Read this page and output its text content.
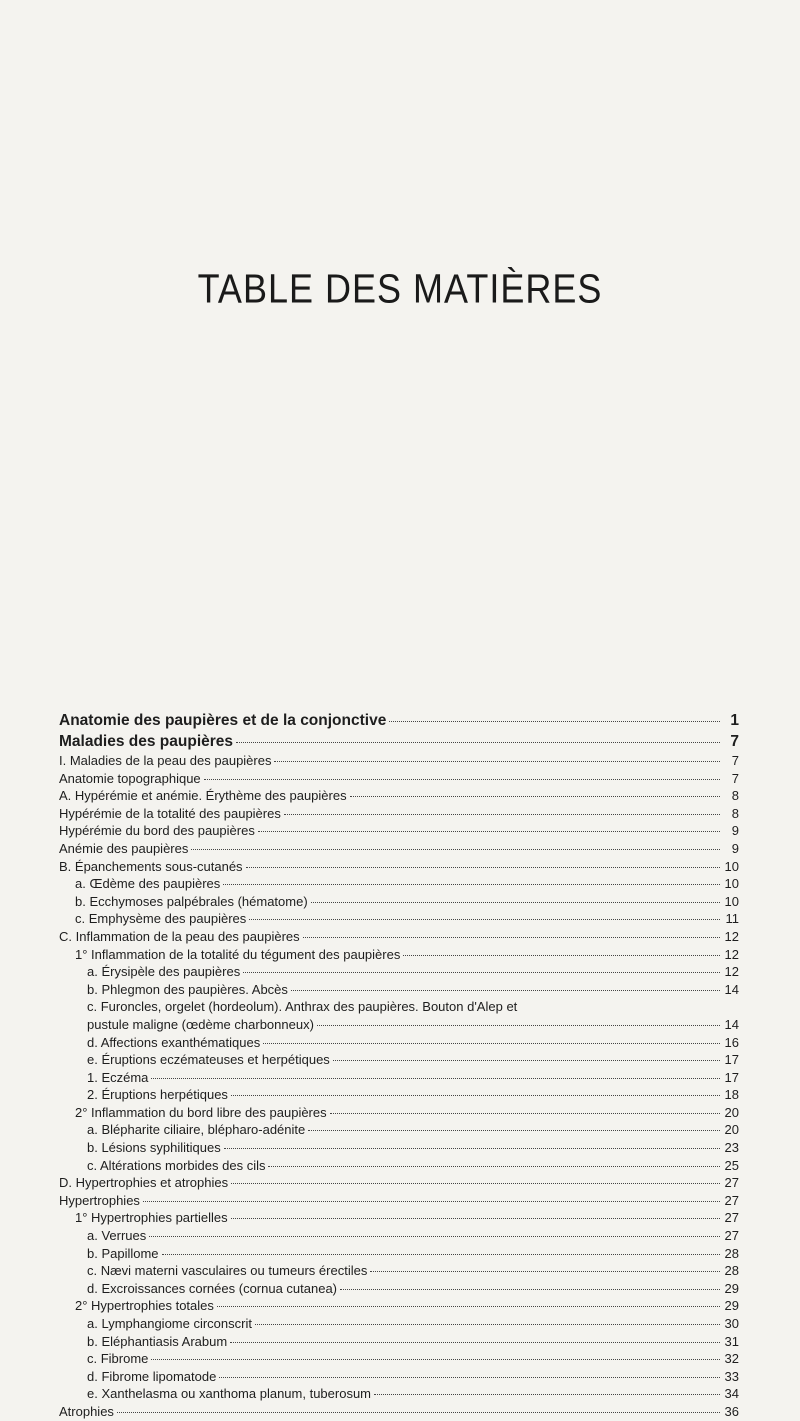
TABLE DES MATIÈRES
Anatomie des paupières et de la conjonctive	1
Maladies des paupières	7
I. Maladies de la peau des paupières	7
Anatomie topographique	7
A. Hypérémie et anémie. Érythème des paupières	8
Hypérémie de la totalité des paupières	8
Hypérémie du bord des paupières	9
Anémie des paupières	9
B. Épanchements sous-cutanés	10
a. Œdème des paupières	10
b. Ecchymoses palpébrales (hématome)	10
c. Emphysème des paupières	11
C. Inflammation de la peau des paupières	12
1° Inflammation de la totalité du tégument des paupières	12
a. Érysipèle des paupières	12
b. Phlegmon des paupières. Abcès	14
c. Furoncles, orgelet (hordeolum). Anthrax des paupières. Bouton d'Alep et
pustule maligne (œdème charbonneux)	14
d. Affections exanthématiques	16
e. Éruptions eczémateuses et herpétiques	17
1. Eczéma	17
2. Éruptions herpétiques	18
2° Inflammation du bord libre des paupières	20
a. Blépharite ciliaire, blépharo-adénite	20
b. Lésions syphilitiques	23
c. Altérations morbides des cils	25
D. Hypertrophies et atrophies	27
Hypertrophies	27
1° Hypertrophies partielles	27
a. Verrues	27
b. Papillome	28
c. Nævi materni vasculaires ou tumeurs érectiles	28
d. Excroissances cornées (cornua cutanea)	29
2° Hypertrophies totales	29
a. Lymphangiome circonscrit	30
b. Eléphantiasis Arabum	31
c. Fibrome	32
d. Fibrome lipomatode	33
e. Xanthelasma ou xanthoma planum, tuberosum	34
Atrophies	36
